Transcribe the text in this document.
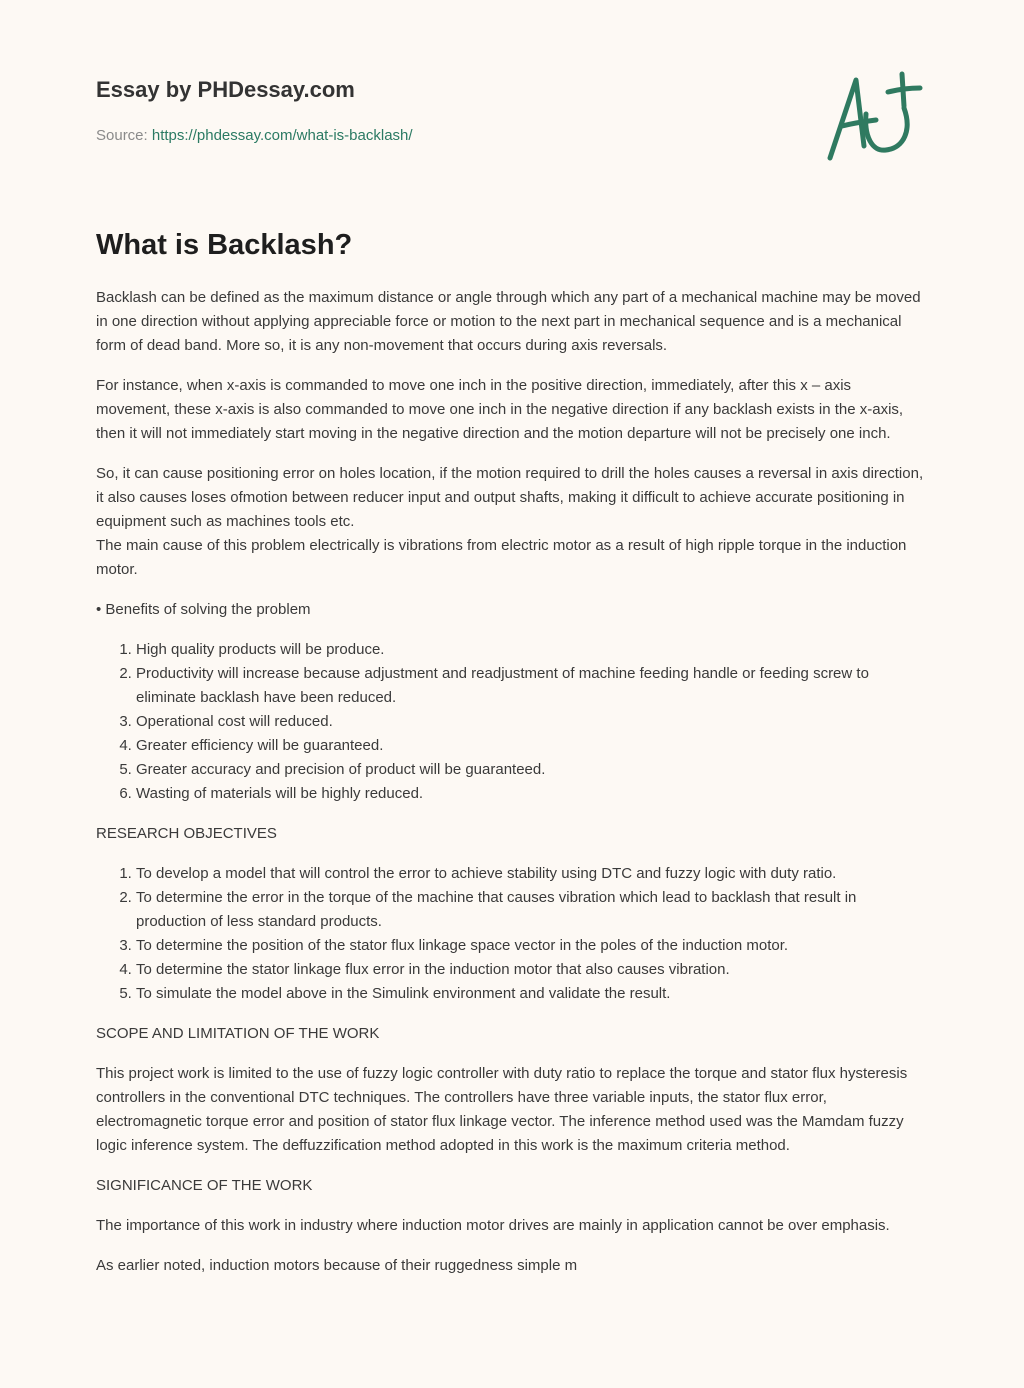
Essay by PHDessay.com
Source: https://phdessay.com/what-is-backlash/
What is Backlash?

Backlash can be defined as the maximum distance or angle through which any part of a mechanical machine may be moved in one direction without applying appreciable force or motion to the next part in mechanical sequence and is a mechanical form of dead band. More so, it is any non-movement that occurs during axis reversals.

For instance, when x-axis is commanded to move one inch in the positive direction, immediately, after this x – axis movement, these x-axis is also commanded to move one inch in the negative direction if any backlash exists in the x-axis, then it will not immediately start moving in the negative direction and the motion departure will not be precisely one inch.

So, it can cause positioning error on holes location, if the motion required to drill the holes causes a reversal in axis direction, it also causes loses ofmotion between reducer input and output shafts, making it difficult to achieve accurate positioning in equipment such as machines tools etc.
The main cause of this problem electrically is vibrations from electric motor as a result of high ripple torque in the induction motor.

• Benefits of solving the problem

1. High quality products will be produce.
2. Productivity will increase because adjustment and readjustment of machine feeding handle or feeding screw to eliminate backlash have been reduced.
3. Operational cost will reduced.
4. Greater efficiency will be guaranteed.
5. Greater accuracy and precision of product will be guaranteed.
6. Wasting of materials will be highly reduced.

RESEARCH OBJECTIVES

1. To develop a model that will control the error to achieve stability using DTC and fuzzy logic with duty ratio.
2. To determine the error in the torque of the machine that causes vibration which lead to backlash that result in production of less standard products.
3. To determine the position of the stator flux linkage space vector in the poles of the induction motor.
4. To determine the stator linkage flux error in the induction motor that also causes vibration.
5. To simulate the model above in the Simulink environment and validate the result.

SCOPE AND LIMITATION OF THE WORK

This project work is limited to the use of fuzzy logic controller with duty ratio to replace the torque and stator flux hysteresis controllers in the conventional DTC techniques. The controllers have three variable inputs, the stator flux error, electromagnetic torque error and position of stator flux linkage vector. The inference method used was the Mamdam fuzzy logic inference system. The deffuzzification method adopted in this work is the maximum criteria method.

SIGNIFICANCE OF THE WORK

The importance of this work in industry where induction motor drives are mainly in application cannot be over emphasis.

As earlier noted, induction motors because of their ruggedness simple m
